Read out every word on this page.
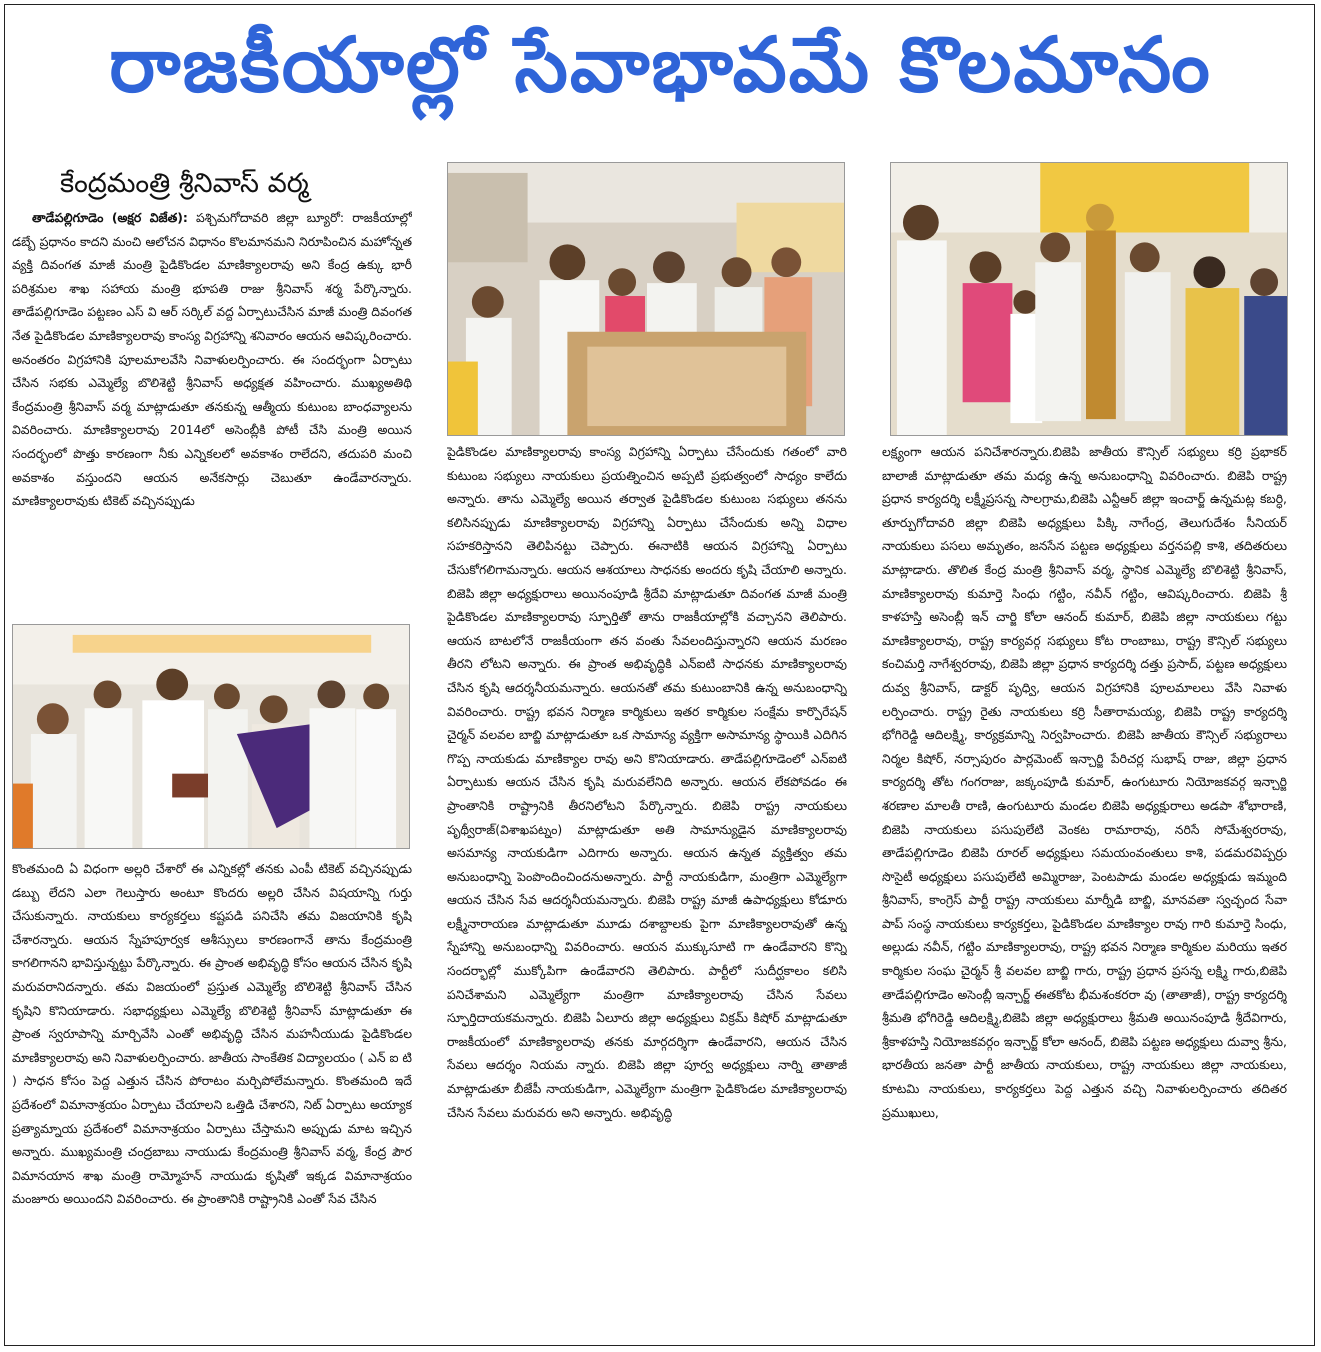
రాజకీయాల్లో సేవాభావమే కొలమానం
కేంద్రమంత్రి శ్రీనివాస్ వర్మ

తాడేపల్లిగూడెం (అక్షర విజేత): పశ్చిమగోదావరి జిల్లా బ్యూరో: రాజకీయాల్లో డబ్బే ప్రధానం కాదని మంచి ఆలోచన విధానం కొలమానమని నిరూపించిన మహోన్నత వ్యక్తి దివంగత మాజీ మంత్రి పైడికొండల మాణిక్యాలరావు అని కేంద్ర ఉక్కు భారీ పరిశ్రమల శాఖ సహాయ మంత్రి భూపతి రాజు శ్రీనివాస్ శర్మ పేర్కొన్నారు. తాడేపల్లిగూడెం పట్టణం ఎస్ వి ఆర్ సర్కిల్ వద్ద ఏర్పాటుచేసిన మాజీ మంత్రి దివంగత నేత పైడికొండల మాణిక్యాలరావు కాంస్య విగ్రహాన్ని శనివారం ఆయన ఆవిష్కరించారు. అనంతరం విగ్రహానికి పూలమాలవేసి నివాళులర్పించారు. ఈ సందర్భంగా ఏర్పాటు చేసిన సభకు ఎమ్మెల్యే బొలిశెట్టి శ్రీనివాస్ అధ్యక్షత వహించారు. ముఖ్యఅతిథి కేంద్రమంత్రి శ్రీనివాస్ వర్మ మాట్లాడుతూ తనకున్న ఆత్మీయ కుటుంబ బాంధవ్యాలను వివరించారు. మాణిక్యాలరావు 2014లో అసెంబ్లీకి పోటీ చేసి మంత్రి అయిన సందర్భంలో పొత్తు కారణంగా నీకు ఎన్నికలలో అవకాశం రాలేదని, తదుపరి మంచి అవకాశం వస్తుందని ఆయన అనేకసార్లు చెబుతూ ఉండేవారన్నారు. మాణిక్యాలరావుకు టికెట్ వచ్చినప్పుడు

కొంతమంది ఏ విధంగా అల్లరి చేశారో ఈ ఎన్నికల్లో తనకు ఎంపీ టికెట్ వచ్చినప్పుడు డబ్బు లేదని ఎలా గెలుస్తారు అంటూ కొందరు అల్లరి చేసిన విషయాన్ని గుర్తు చేసుకున్నారు. నాయకులు కార్యకర్తలు కష్టపడి పనిచేసి తమ విజయానికి కృషి చేశారన్నారు. ఆయన స్నేహపూర్వక ఆశీస్సులు కారణంగానే తాను కేంద్రమంత్రి కాగలిగానని భావిస్తున్నట్టు పేర్కొన్నారు. ఈ ప్రాంత అభివృద్ధి కోసం ఆయన చేసిన కృషి మరువరానిదన్నారు. తమ విజయంలో ప్రస్తుత ఎమ్మెల్యే బొలిశెట్టి శ్రీనివాస్ చేసిన కృషిని కొనియాడారు. సభాధ్యక్షులు ఎమ్మెల్యే బొలిశెట్టి శ్రీనివాస్ మాట్లాడుతూ ఈ ప్రాంత స్వరూపాన్ని మార్చివేసి ఎంతో అభివృద్ధి చేసిన మహనీయుడు పైడికొండల మాణిక్యాలరావు అని నివాళులర్పించారు. జాతీయ సాంకేతిక విద్యాలయం ( ఎన్ ఐ టి ) సాధన కోసం పెద్ద ఎత్తున చేసిన పోరాటం మర్చిపోలేమన్నారు. కొంతమంది ఇదే ప్రదేశంలో విమానాశ్రయం ఏర్పాటు చేయాలని ఒత్తిడి చేశారని, నిట్ ఏర్పాటు అయ్యాక ప్రత్యామ్నాయ ప్రదేశంలో విమానాశ్రయం ఏర్పాటు చేస్తామని అప్పుడు మాట ఇచ్చిన అన్నారు. ముఖ్యమంత్రి చంద్రబాబు నాయుడు కేంద్రమంత్రి శ్రీనివాస్ వర్మ, కేంద్ర పౌర విమానయాన శాఖ మంత్రి రామ్మోహన్ నాయుడు కృషితో ఇక్కడ విమానాశ్రయం మంజూరు అయిందని వివరించారు. ఈ ప్రాంతానికి రాష్ట్రానికి ఎంతో సేవ చేసిన

పైడికొండల మాణిక్యాలరావు కాంస్య విగ్రహాన్ని ఏర్పాటు చేసేందుకు గతంలో వారి కుటుంబ సభ్యులు నాయకులు ప్రయత్నించిన అప్పటి ప్రభుత్వంలో సాధ్యం కాలేదు అన్నారు. తాను ఎమ్మెల్యే అయిన తర్వాత పైడికొండల కుటుంబ సభ్యులు తనను కలిసినప్పుడు మాణిక్యాలరావు విగ్రహాన్ని ఏర్పాటు చేసేందుకు అన్ని విధాల సహకరిస్తానని తెలిపినట్టు చెప్పారు. ఈనాటికి ఆయన విగ్రహాన్ని ఏర్పాటు చేసుకోగలిగామన్నారు. ఆయన ఆశయాలు సాధనకు అందరు కృషి చేయాలి అన్నారు. బిజెపి జిల్లా అధ్యక్షురాలు అయినంపూడి శ్రీదేవి మాట్లాడుతూ దివంగత మాజీ మంత్రి పైడికొండల మాణిక్యాలరావు స్ఫూర్తితో తాను రాజకీయాల్లోకి వచ్చానని తెలిపారు. ఆయన బాటలోనే రాజకీయంగా తన వంతు సేవలందిస్తున్నారని ఆయన మరణం తీరని లోటని అన్నారు. ఈ ప్రాంత అభివృద్ధికి ఎన్ఐటి సాధనకు మాణిక్యాలరావు చేసిన కృషి ఆదర్శనీయమన్నారు. ఆయనతో తమ కుటుంబానికి ఉన్న అనుబంధాన్ని వివరించారు. రాష్ట్ర భవన నిర్మాణ కార్మికులు ఇతర కార్మికుల సంక్షేమ కార్పొరేషన్ చైర్మన్ వలవల బాబ్జి మాట్లాడుతూ ఒక సామాన్య వ్యక్తిగా అసామాన్య స్థాయికి ఎదిగిన గొప్ప నాయకుడు మాణిక్యాల రావు అని కొనియాడారు. తాడేపల్లిగూడెంలో ఎన్ఐటి ఏర్పాటుకు ఆయన చేసిన కృషి మరువలేనిది అన్నారు. ఆయన లేకపోవడం ఈ ప్రాంతానికి రాష్ట్రానికి తీరనిలోటని పేర్కొన్నారు. బిజెపి రాష్ట్ర నాయకులు పృథ్వీరాజ్(విశాఖపట్నం) మాట్లాడుతూ అతి సామాన్యుడైన మాణిక్యాలరావు అసమాన్య నాయకుడిగా ఎదిగారు అన్నారు. ఆయన ఉన్నత వ్యక్తిత్వం తమ అనుబంధాన్ని పెంపొందించిందనుఅన్నారు. పార్టీ నాయకుడిగా, మంత్రిగా ఎమ్మెల్యేగా ఆయన చేసిన సేవ ఆదర్శనీయమన్నారు. బిజెపి రాష్ట్ర మాజీ ఉపాధ్యక్షులు కోడూరు లక్ష్మీనారాయణ మాట్లాడుతూ మూడు దశాబ్దాలకు పైగా మాణిక్యాలరావుతో ఉన్న స్నేహాన్ని అనుబంధాన్ని వివరించారు. ఆయన ముక్కుసూటి గా ఉండేవారని కొన్ని సందర్భాల్లో ముక్కోపిగా ఉండేవారని తెలిపారు. పార్టీలో సుదీర్ఘకాలం కలిసి పనిచేశామని ఎమ్మెల్యేగా మంత్రిగా మాణిక్యాలరావు చేసిన సేవలు స్ఫూర్తిదాయకమన్నారు. బిజెపి ఏలూరు జిల్లా అధ్యక్షులు విక్రమ్ కిషోర్ మాట్లాడుతూ రాజకీయంలో మాణిక్యాలరావు తనకు మార్గదర్శిగా ఉండేవారని, ఆయన చేసిన సేవలు ఆదర్శం నియమ న్నారు. బిజెపి జిల్లా పూర్వ అధ్యక్షులు నార్ని తాతాజీ మాట్లాడుతూ బీజేపీ నాయకుడిగా, ఎమ్మెల్యేగా మంత్రిగా పైడికొండల మాణిక్యాలరావు చేసిన సేవలు మరువరు అని అన్నారు. అభివృద్ధి

లక్ష్యంగా ఆయన పనిచేశారన్నారు.బిజెపి జాతీయ కౌన్సిల్ సభ్యులు కర్రి ప్రభాకర్ బాలాజీ మాట్లాడుతూ తమ మధ్య ఉన్న అనుబంధాన్ని వివరించారు. బిజెపి రాష్ట్ర ప్రధాన కార్యదర్శి లక్ష్మీప్రసన్న సాలగ్రామ,బిజెపి ఎన్టీఆర్ జిల్లా ఇంచార్జ్ ఉన్నమట్ల కబర్ధి, తూర్పుగోదావరి జిల్లా బిజెపి అధ్యక్షులు పిక్కి నాగేంద్ర, తెలుగుదేశం సీనియర్ నాయకులు పసలు అమృతం, జనసేన పట్టణ అధ్యక్షులు వర్తనపల్లి కాశి, తదితరులు మాట్లాడారు. తొలిత కేంద్ర మంత్రి శ్రీనివాస్ వర్మ, స్థానిక ఎమ్మెల్యే బొలిశెట్టి శ్రీనివాస్, మాణిక్యాలరావు కుమార్తె సింధు గట్టిం, నవీన్ గట్టిం, ఆవిష్కరించారు. బిజెపి శ్రీ కాళహస్తి అసెంబ్లీ ఇన్ చార్జి కోలా ఆనంద్ కుమార్, బిజెపి జిల్లా నాయకులు గట్టు మాణిక్యాలరావు, రాష్ట్ర కార్యవర్గ సభ్యులు కోట రాంబాబు, రాష్ట్ర కౌన్సిల్ సభ్యులు కంచిమర్తి నాగేశ్వరరావు, బిజెపి జిల్లా ప్రధాన కార్యదర్శి దత్తు ప్రసాద్, పట్టణ అధ్యక్షులు దువ్వ శ్రీనివాస్, డాక్టర్ పృధ్వి, ఆయన విగ్రహానికి పూలమాలలు వేసి నివాళు లర్పించారు. రాష్ట్ర రైతు నాయకులు కర్రి సీతారామయ్య, బిజెపి రాష్ట్ర కార్యదర్శి భోగిరెడ్డి ఆదిలక్ష్మి, కార్యక్రమాన్ని నిర్వహించారు. బిజెపి జాతీయ కౌన్సిల్ సభ్యురాలు నిర్మల కిషోర్, నర్సాపురం పార్లమెంట్ ఇన్చార్జి పేరిచర్ల సుభాష్ రాజు, జిల్లా ప్రధాన కార్యదర్శి తోట గంగరాజు, జక్కంపూడి కుమార్, ఉంగుటూరు నియోజకవర్గ ఇన్చార్జి శరణాల మాలతీ రాణి, ఉంగుటూరు మండల బిజెపి అధ్యక్షురాలు అడపా శోభారాణి, బిజెపి నాయకులు పసుపులేటి వెంకట రామారావు, నరిసే సోమేశ్వరరావు, తాడేపల్లిగూడెం బిజెపి రూరల్ అధ్యక్షులు సమయంవంతులు కాశి, పడమరవిప్పర్రు సొసైటీ అధ్యక్షులు పసుపులేటి అమ్మిరాజు, పెంటపాడు మండల అధ్యక్షుడు ఇమ్మంది శ్రీనివాస్, కాంగ్రెస్ పార్టీ రాష్ట్ర నాయకులు మార్నీడి బాబ్జి, మానవతా స్వచ్ఛంద సేవా పాప్ సంస్థ నాయకులు కార్యకర్తలు, పైడికొండల మాణిక్యాల రావు గారి కుమార్తె సింధు, అల్లుడు నవీన్, గట్టిం మాణిక్యాలరావు, రాష్ట్ర భవన నిర్మాణ కార్మికుల మరియు ఇతర కార్మికుల సంఘ చైర్మన్ శ్రీ వలవల బాబ్జి గారు, రాష్ట్ర ప్రధాన ప్రసన్న లక్ష్మి గారు,బిజెపి తాడేపల్లిగూడెం అసెంబ్లీ ఇన్చార్జ్ ఈతకోట భీమశంకరరా వు (తాతాజీ), రాష్ట్ర కార్యదర్శి శ్రీమతి భోగిరెడ్డి ఆదిలక్ష్మి,బిజెపి జిల్లా అధ్యక్షురాలు శ్రీమతి అయినంపూడి శ్రీదేవిగారు, శ్రీకాళహస్తి నియోజకవర్గం ఇన్చార్జ్ కోలా ఆనంద్, బిజెపి పట్టణ అధ్యక్షులు దువ్వా శ్రీను, భారతీయ జనతా పార్టీ జాతీయ నాయకులు, రాష్ట్ర నాయకులు జిల్లా నాయకులు, కూటమి నాయకులు, కార్యకర్తలు పెద్ద ఎత్తున వచ్చి నివాళులర్పించారు తదితర ప్రముఖులు,
